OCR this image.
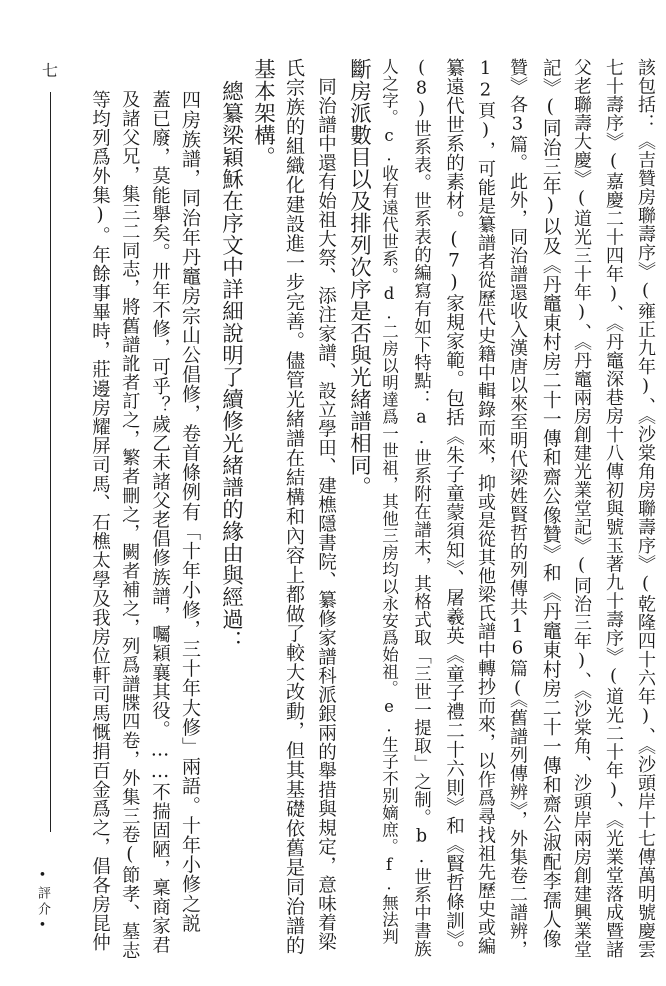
該包括：《吉贊房聯壽序》(雍正九年)、《沙棠角房聯壽序》(乾隆四十六年)、《沙頭岸十七傳萬明號慶雲
七十壽序》(嘉慶二十四年)、《丹竈深巷房十八傳初與號玉著九十壽序》(道光二十年)、《光業堂落成暨諸
父老聯壽大慶》(道光三十年)、《丹竈兩房創建光業堂記》(同治三年)、《沙棠角、沙頭岸兩房創建興業堂
記》(同治三年)以及《丹竈東村房二十一傳和齋公像贊》和《丹竈東村房二十一傳和齋公淑配李孺人像
贊》各3篇。此外，同治譜還收入漢唐以來至明代梁姓賢哲的列傳共16篇(《舊譜列傳辨》，外集卷二譜辨，
12頁)，可能是纂譜者從歷代史籍中輯錄而來，抑或是從其他梁氏譜中轉抄而來，以作爲尋找祖先歷史或編
纂遠代世系的素材。(7)家規家範。包括《朱子童蒙須知》、屠羲英《童子禮二十六則》和《賢哲條訓》。
(8)世系表。世系表的編寫有如下特點：a.世系附在譜末，其格式取「三世一提取」之制。b.世系中書族
人之字。c.收有遠代世系。d.二房以明達爲一世祖，其他三房均以永安爲始祖。e.生子不别嫡庶。f.無法判
斷房派數目以及排列次序是否與光緒譜相同。
　同治譜中還有始祖大祭、添注家譜、設立學田、建樵隱書院、纂修家譜科派銀兩的舉措與規定，意味着梁
氏宗族的組織化建設進一步完善。儘管光緒譜在結構和內容上都做了較大改動，但其基礎依舊是同治譜的
基本架構。
　總纂梁穎穌在序文中詳細說明了續修光緒譜的緣由與經過：
四房族譜，同治年丹竈房宗山公倡修，卷首條例有「十年小修，三十年大修」兩語。十年小修之説
蓋已廢，莫能舉矣。卅年不修，可乎？歲乙未諸父老倡修族譜，囑穎襄其役。……不揣固陋，稟商家君
及諸父兄，集三二同志，將舊譜訛者訂之，繁者刪之，闕者補之，列爲譜牒四卷，外集三卷(節孝、墓志
等均列爲外集)。年餘事畢時，莊邊房耀屏司馬、石樵太學及我房位軒司馬慨捐百金爲之，倡各房昆仲
七
•評介•
